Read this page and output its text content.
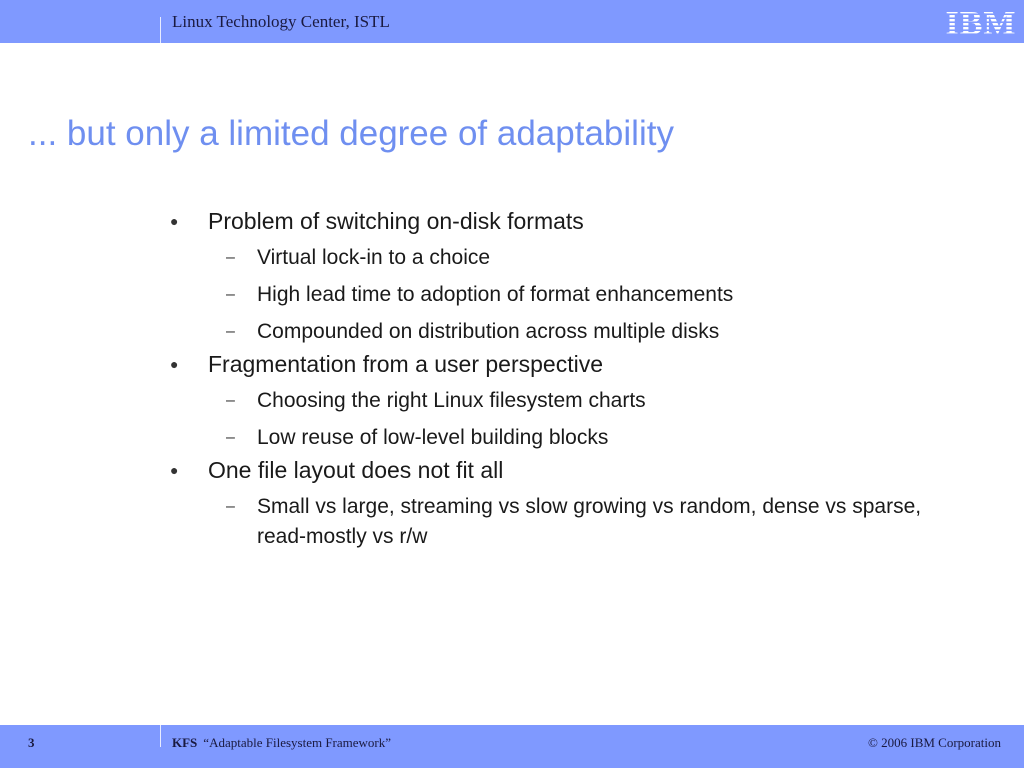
Linux Technology Center, ISTL	IBM
... but only a limited degree of adaptability
● Problem of switching on-disk formats
– Virtual lock-in to a choice
– High lead time to adoption of format enhancements
– Compounded on distribution across multiple disks
● Fragmentation from a user perspective
– Choosing the right Linux filesystem charts
– Low reuse of low-level building blocks
● One file layout does not fit all
– Small vs large, streaming vs slow growing vs random, dense vs sparse, read-mostly vs r/w
3	KFS “Adaptable Filesystem Framework”	© 2006 IBM Corporation
